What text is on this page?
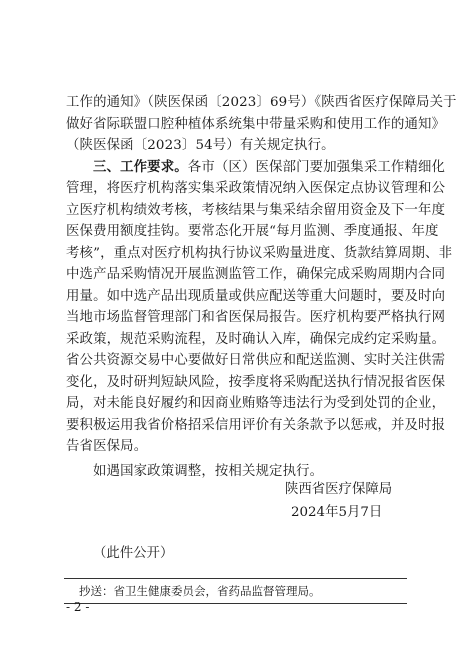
工作的通知》（陕医保函〔2023〕69号）《陕西省医疗保障局关于
做好省际联盟口腔种植体系统集中带量采购和使用工作的通知》
（陕医保函〔2023〕54号）有关规定执行。
三、工作要求。各市（区）医保部门要加强集采工作精细化
管理，将医疗机构落实集采政策情况纳入医保定点协议管理和公
立医疗机构绩效考核，考核结果与集采结余留用资金及下一年度
医保费用额度挂钩。要常态化开展“每月监测、季度通报、年度
考核”，重点对医疗机构执行协议采购量进度、货款结算周期、非
中选产品采购情况开展监测监管工作，确保完成采购周期内合同
用量。如中选产品出现质量或供应配送等重大问题时，要及时向
当地市场监督管理部门和省医保局报告。医疗机构要严格执行网
采政策，规范采购流程，及时确认入库，确保完成约定采购量。
省公共资源交易中心要做好日常供应和配送监测、实时关注供需
变化，及时研判短缺风险，按季度将采购配送执行情况报省医保
局，对未能良好履约和因商业贿赂等违法行为受到处罚的企业，
要积极运用我省价格招采信用评价有关条款予以惩戒，并及时报
告省医保局。
如遇国家政策调整，按相关规定执行。
陕西省医疗保障局
2024年5月7日
（此件公开）
抄送：省卫生健康委员会，省药品监督管理局。
- 2 -
